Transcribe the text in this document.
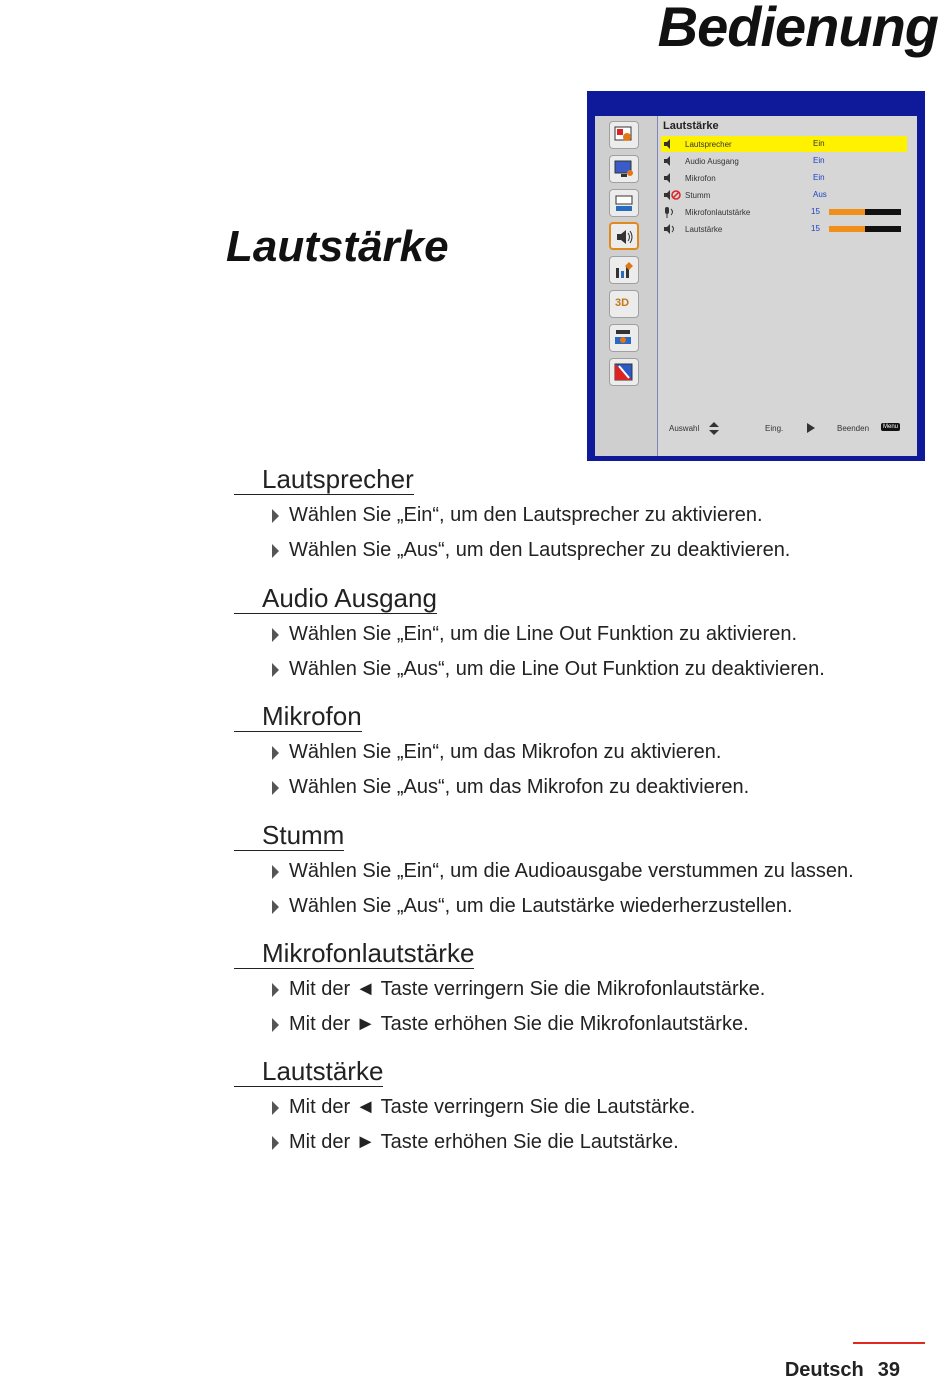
Bedienung
Lautstärke
3D
Lautstärke
Lautsprecher	Ein
Audio Ausgang	Ein
Mikrofon	Ein
Stumm	Aus
Mikrofonlautstärke	15
Lautstärke	15
Auswahl	Eing.	Beenden	Menu
Lautsprecher
Wählen Sie „Ein“, um den Lautsprecher zu aktivieren.
Wählen Sie „Aus“, um den Lautsprecher zu deaktivieren.
Audio Ausgang
Wählen Sie „Ein“, um die Line Out Funktion zu aktivieren.
Wählen Sie „Aus“, um die Line Out Funktion zu deaktivieren.
Mikrofon
Wählen Sie „Ein“, um das Mikrofon zu aktivieren.
Wählen Sie „Aus“, um das Mikrofon zu deaktivieren.
Stumm
Wählen Sie „Ein“, um die Audioausgabe verstummen zu lassen.
Wählen Sie „Aus“, um die Lautstärke wiederherzustellen.
Mikrofonlautstärke
Mit der ◄ Taste verringern Sie die Mikrofonlautstärke.
Mit der ► Taste erhöhen Sie die Mikrofonlautstärke.
Lautstärke
Mit der ◄ Taste verringern Sie die Lautstärke.
Mit der ► Taste erhöhen Sie die Lautstärke.
Deutsch 39
